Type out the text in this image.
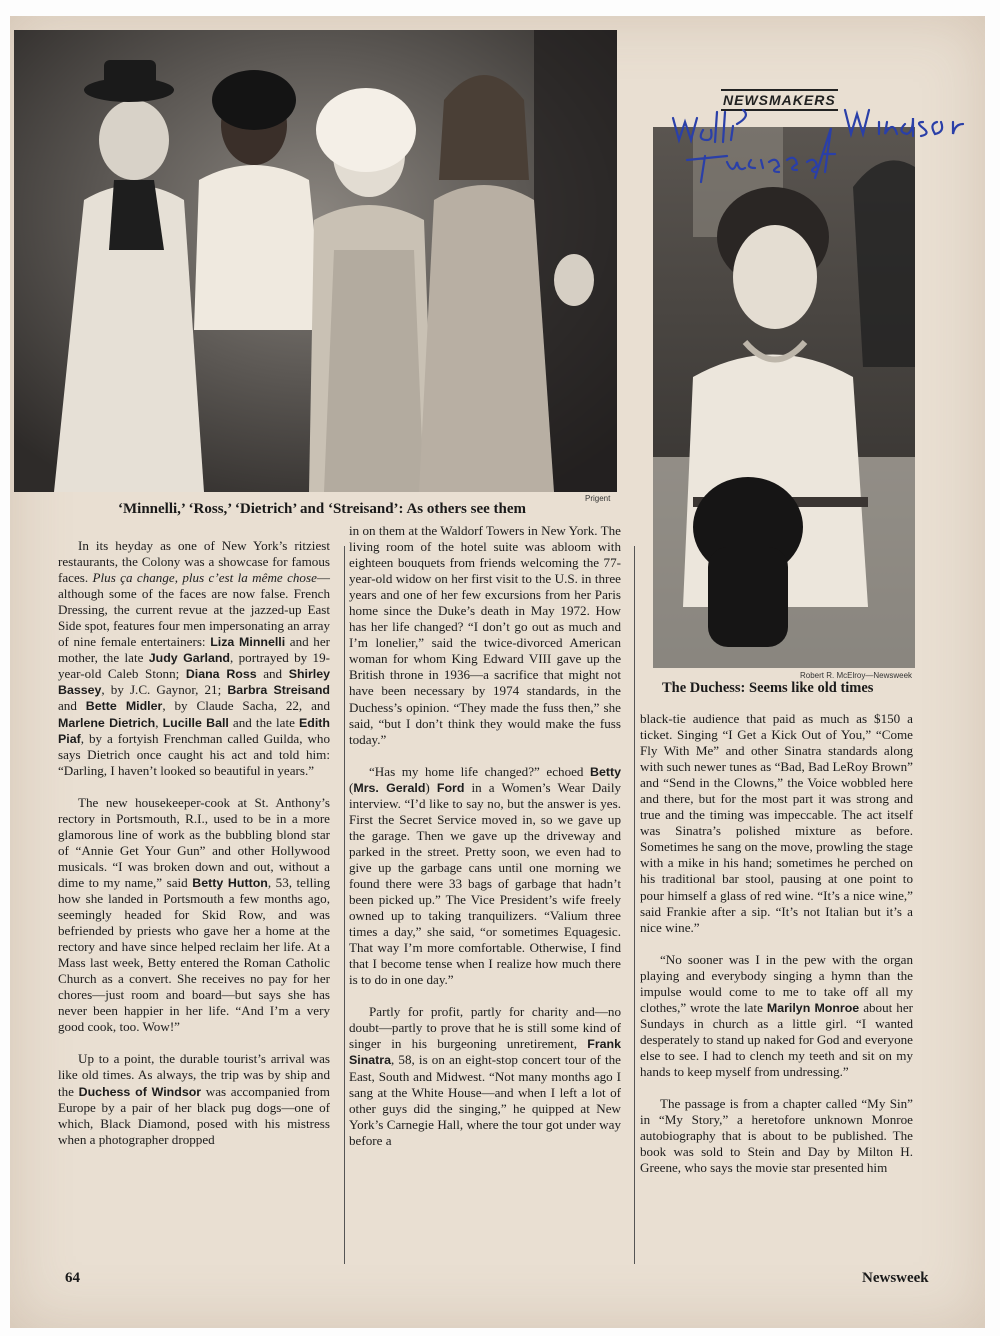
Prigent
‘Minnelli,’ ‘Ross,’ ‘Dietrich’ and ‘Streisand’: As others see them
Robert R. McElroy—Newsweek
The Duchess: Seems like old times
NEWSMAKERS

In its heyday as one of New York’s ritziest restaurants, the Colony was a showcase for famous faces. Plus ça change, plus c’est la même chose—although some of the faces are now false. French Dressing, the current revue at the jazzed-up East Side spot, features four men impersonating an array of nine female entertainers: Liza Minnelli and her mother, the late Judy Garland, portrayed by 19-year-old Caleb Stonn; Diana Ross and Shirley Bassey, by J.C. Gaynor, 21; Barbra Streisand and Bette Midler, by Claude Sacha, 22, and Marlene Dietrich, Lucille Ball and the late Edith Piaf, by a fortyish Frenchman called Guilda, who says Dietrich once caught his act and told him: “Darling, I haven’t looked so beautiful in years.”

The new housekeeper-cook at St. Anthony’s rectory in Portsmouth, R.I., used to be in a more glamorous line of work as the bubbling blond star of “Annie Get Your Gun” and other Hollywood musicals. “I was broken down and out, without a dime to my name,” said Betty Hutton, 53, telling how she landed in Portsmouth a few months ago, seemingly headed for Skid Row, and was befriended by priests who gave her a home at the rectory and have since helped reclaim her life. At a Mass last week, Betty entered the Roman Catholic Church as a convert. She receives no pay for her chores—just room and board—but says she has never been happier in her life. “And I’m a very good cook, too. Wow!”

Up to a point, the durable tourist’s arrival was like old times. As always, the trip was by ship and the Duchess of Windsor was accompanied from Europe by a pair of her black pug dogs—one of which, Black Diamond, posed with his mistress when a photographer dropped

in on them at the Waldorf Towers in New York. The living room of the hotel suite was abloom with eighteen bouquets from friends welcoming the 77-year-old widow on her first visit to the U.S. in three years and one of her few excursions from her Paris home since the Duke’s death in May 1972. How has her life changed? “I don’t go out as much and I’m lonelier,” said the twice-divorced American woman for whom King Edward VIII gave up the British throne in 1936—a sacrifice that might not have been necessary by 1974 standards, in the Duchess’s opinion. “They made the fuss then,” she said, “but I don’t think they would make the fuss today.”

“Has my home life changed?” echoed Betty (Mrs. Gerald) Ford in a Women’s Wear Daily interview. “I’d like to say no, but the answer is yes. First the Secret Service moved in, so we gave up the garage. Then we gave up the driveway and parked in the street. Pretty soon, we even had to give up the garbage cans until one morning we found there were 33 bags of garbage that hadn’t been picked up.” The Vice President’s wife freely owned up to taking tranquilizers. “Valium three times a day,” she said, “or sometimes Equagesic. That way I’m more comfortable. Otherwise, I find that I become tense when I realize how much there is to do in one day.”

Partly for profit, partly for charity and—no doubt—partly to prove that he is still some kind of singer in his burgeoning unretirement, Frank Sinatra, 58, is on an eight-stop concert tour of the East, South and Midwest. “Not many months ago I sang at the White House—and when I left a lot of other guys did the singing,” he quipped at New York’s Carnegie Hall, where the tour got under way before a

black-tie audience that paid as much as $150 a ticket. Singing “I Get a Kick Out of You,” “Come Fly With Me” and other Sinatra standards along with such newer tunes as “Bad, Bad LeRoy Brown” and “Send in the Clowns,” the Voice wobbled here and there, but for the most part it was strong and true and the timing was impeccable. The act itself was Sinatra’s polished mixture as before. Sometimes he sang on the move, prowling the stage with a mike in his hand; sometimes he perched on his traditional bar stool, pausing at one point to pour himself a glass of red wine. “It’s a nice wine,” said Frankie after a sip. “It’s not Italian but it’s a nice wine.”

“No sooner was I in the pew with the organ playing and everybody singing a hymn than the impulse would come to me to take off all my clothes,” wrote the late Marilyn Monroe about her Sundays in church as a little girl. “I wanted desperately to stand up naked for God and everyone else to see. I had to clench my teeth and sit on my hands to keep myself from undressing.”

The passage is from a chapter called “My Sin” in “My Story,” a heretofore unknown Monroe autobiography that is about to be published. The book was sold to Stein and Day by Milton H. Greene, who says the movie star presented him

64	Newsweek
